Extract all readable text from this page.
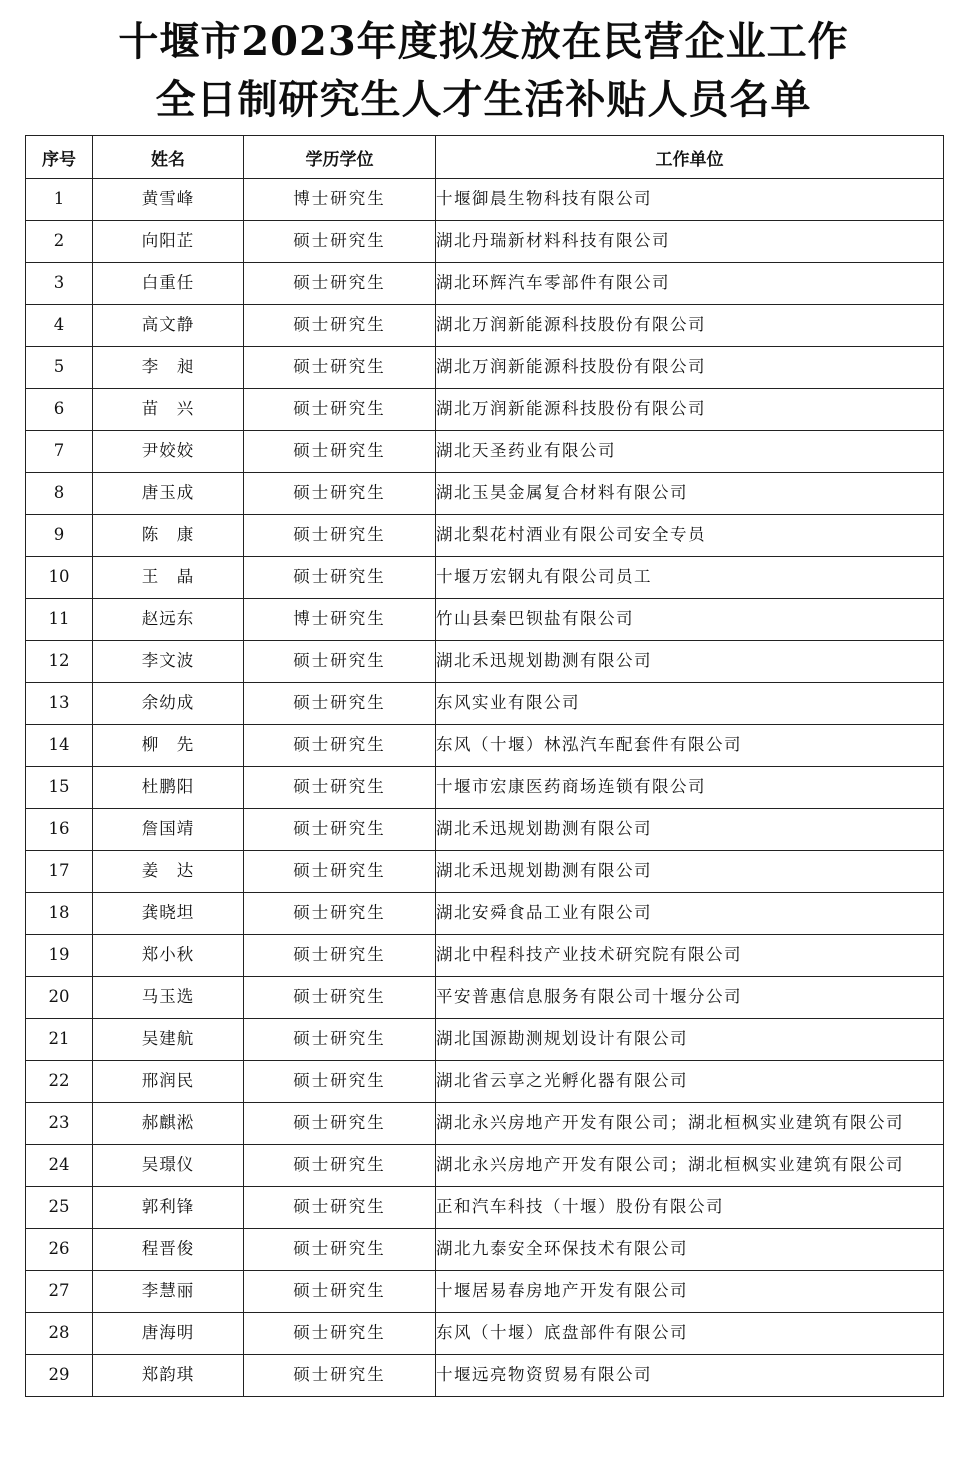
十堰市2023年度拟发放在民营企业工作
全日制研究生人才生活补贴人员名单
序号	姓名	学历学位	工作单位
1	黄雪峰	博士研究生	十堰御晨生物科技有限公司
2	向阳芷	硕士研究生	湖北丹瑞新材料科技有限公司
3	白重任	硕士研究生	湖北环辉汽车零部件有限公司
4	高文静	硕士研究生	湖北万润新能源科技股份有限公司
5	李　昶	硕士研究生	湖北万润新能源科技股份有限公司
6	苗　兴	硕士研究生	湖北万润新能源科技股份有限公司
7	尹姣姣	硕士研究生	湖北天圣药业有限公司
8	唐玉成	硕士研究生	湖北玉昊金属复合材料有限公司
9	陈　康	硕士研究生	湖北梨花村酒业有限公司安全专员
10	王　晶	硕士研究生	十堰万宏钢丸有限公司员工
11	赵远东	博士研究生	竹山县秦巴钡盐有限公司
12	李文波	硕士研究生	湖北禾迅规划勘测有限公司
13	余幼成	硕士研究生	东风实业有限公司
14	柳　先	硕士研究生	东风（十堰）林泓汽车配套件有限公司
15	杜鹏阳	硕士研究生	十堰市宏康医药商场连锁有限公司
16	詹国靖	硕士研究生	湖北禾迅规划勘测有限公司
17	姜　达	硕士研究生	湖北禾迅规划勘测有限公司
18	龚晓坦	硕士研究生	湖北安舜食品工业有限公司
19	郑小秋	硕士研究生	湖北中程科技产业技术研究院有限公司
20	马玉选	硕士研究生	平安普惠信息服务有限公司十堰分公司
21	吴建航	硕士研究生	湖北国源勘测规划设计有限公司
22	邢润民	硕士研究生	湖北省云享之光孵化器有限公司
23	郝麒淞	硕士研究生	湖北永兴房地产开发有限公司；湖北桓枫实业建筑有限公司
24	吴璟仪	硕士研究生	湖北永兴房地产开发有限公司；湖北桓枫实业建筑有限公司
25	郭利锋	硕士研究生	正和汽车科技（十堰）股份有限公司
26	程晋俊	硕士研究生	湖北九泰安全环保技术有限公司
27	李慧丽	硕士研究生	十堰居易春房地产开发有限公司
28	唐海明	硕士研究生	东风（十堰）底盘部件有限公司
29	郑韵琪	硕士研究生	十堰远亮物资贸易有限公司
